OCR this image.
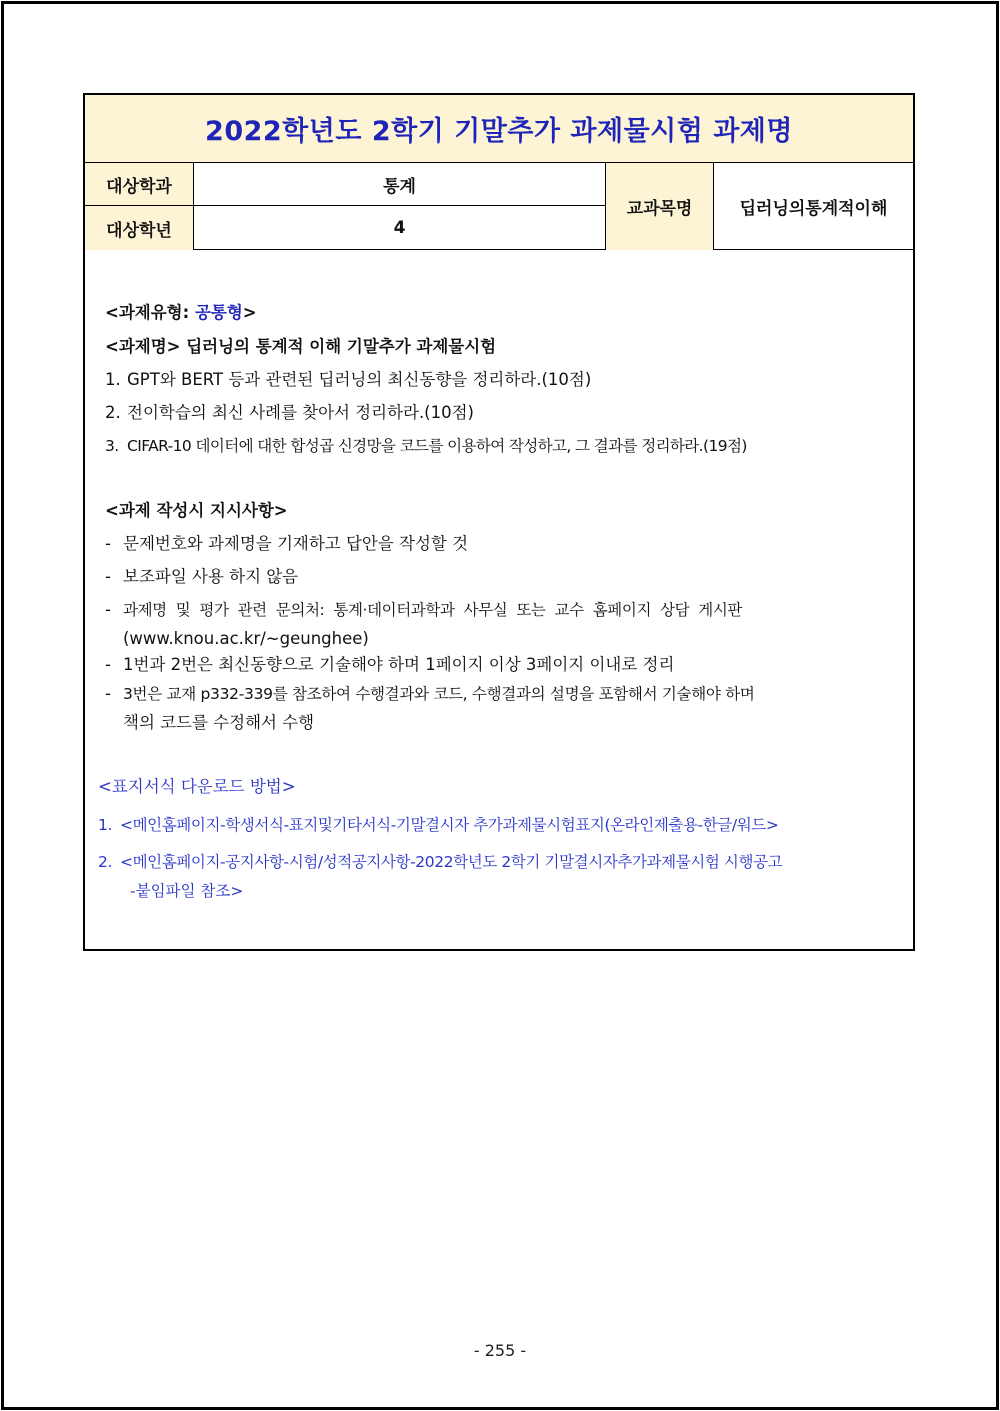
2022학년도 2학기 기말추가 과제물시험 과제명
대상학과	통계
대상학년	4
교과목명	딥러닝의통계적이해
<과제유형: 공통형>
<과제명> 딥러닝의 통계적 이해 기말추가 과제물시험
1. GPT와 BERT 등과 관련된 딥러닝의 최신동향을 정리하라.(10점)
2. 전이학습의 최신 사례를 찾아서 정리하라.(10점)
3. CIFAR-10 데이터에 대한 합성곱 신경망을 코드를 이용하여 작성하고, 그 결과를 정리하라.(19점)
<과제 작성시 지시사항>
- 문제번호와 과제명을 기재하고 답안을 작성할 것
- 보조파일 사용 하지 않음
- 과제명  및  평가  관련  문의처:  통계·데이터과학과  사무실  또는  교수  홈페이지  상담  게시판
(www.knou.ac.kr/~geunghee)
- 1번과 2번은 최신동향으로 기술해야 하며 1페이지 이상 3페이지 이내로 정리
- 3번은 교재 p332-339를 참조하여 수행결과와 코드, 수행결과의 설명을 포함해서 기술해야 하며
책의 코드를 수정해서 수행
<표지서식 다운로드 방법>
1. <메인홈페이지-학생서식-표지및기타서식-기말결시자 추가과제물시험표지(온라인제출용-한글/워드>
2. <메인홈페이지-공지사항-시험/성적공지사항-2022학년도 2학기 기말결시자추가과제물시험 시행공고
-붙임파일 참조>
- 255 -
